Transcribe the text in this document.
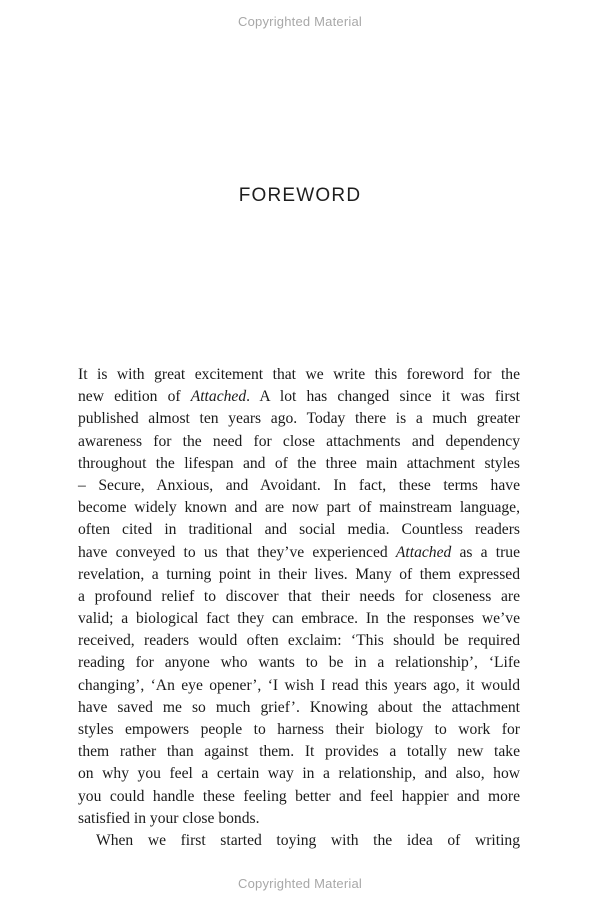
Copyrighted Material
FOREWORD
It is with great excitement that we write this foreword for the
new edition of Attached. A lot has changed since it was first
published almost ten years ago. Today there is a much greater
awareness for the need for close attachments and dependency
throughout the lifespan and of the three main attachment styles
– Secure, Anxious, and Avoidant. In fact, these terms have
become widely known and are now part of mainstream language,
often cited in traditional and social media. Countless readers
have conveyed to us that they’ve experienced Attached as a true
revelation, a turning point in their lives. Many of them expressed
a profound relief to discover that their needs for closeness are
valid; a biological fact they can embrace. In the responses we’ve
received, readers would often exclaim: ‘This should be required
reading for anyone who wants to be in a relationship’, ‘Life
changing’, ‘An eye opener’, ‘I wish I read this years ago, it would
have saved me so much grief’. Knowing about the attachment
styles empowers people to harness their biology to work for
them rather than against them. It provides a totally new take
on why you feel a certain way in a relationship, and also, how
you could handle these feeling better and feel happier and more
satisfied in your close bonds.
When we first started toying with the idea of writing
Copyrighted Material
